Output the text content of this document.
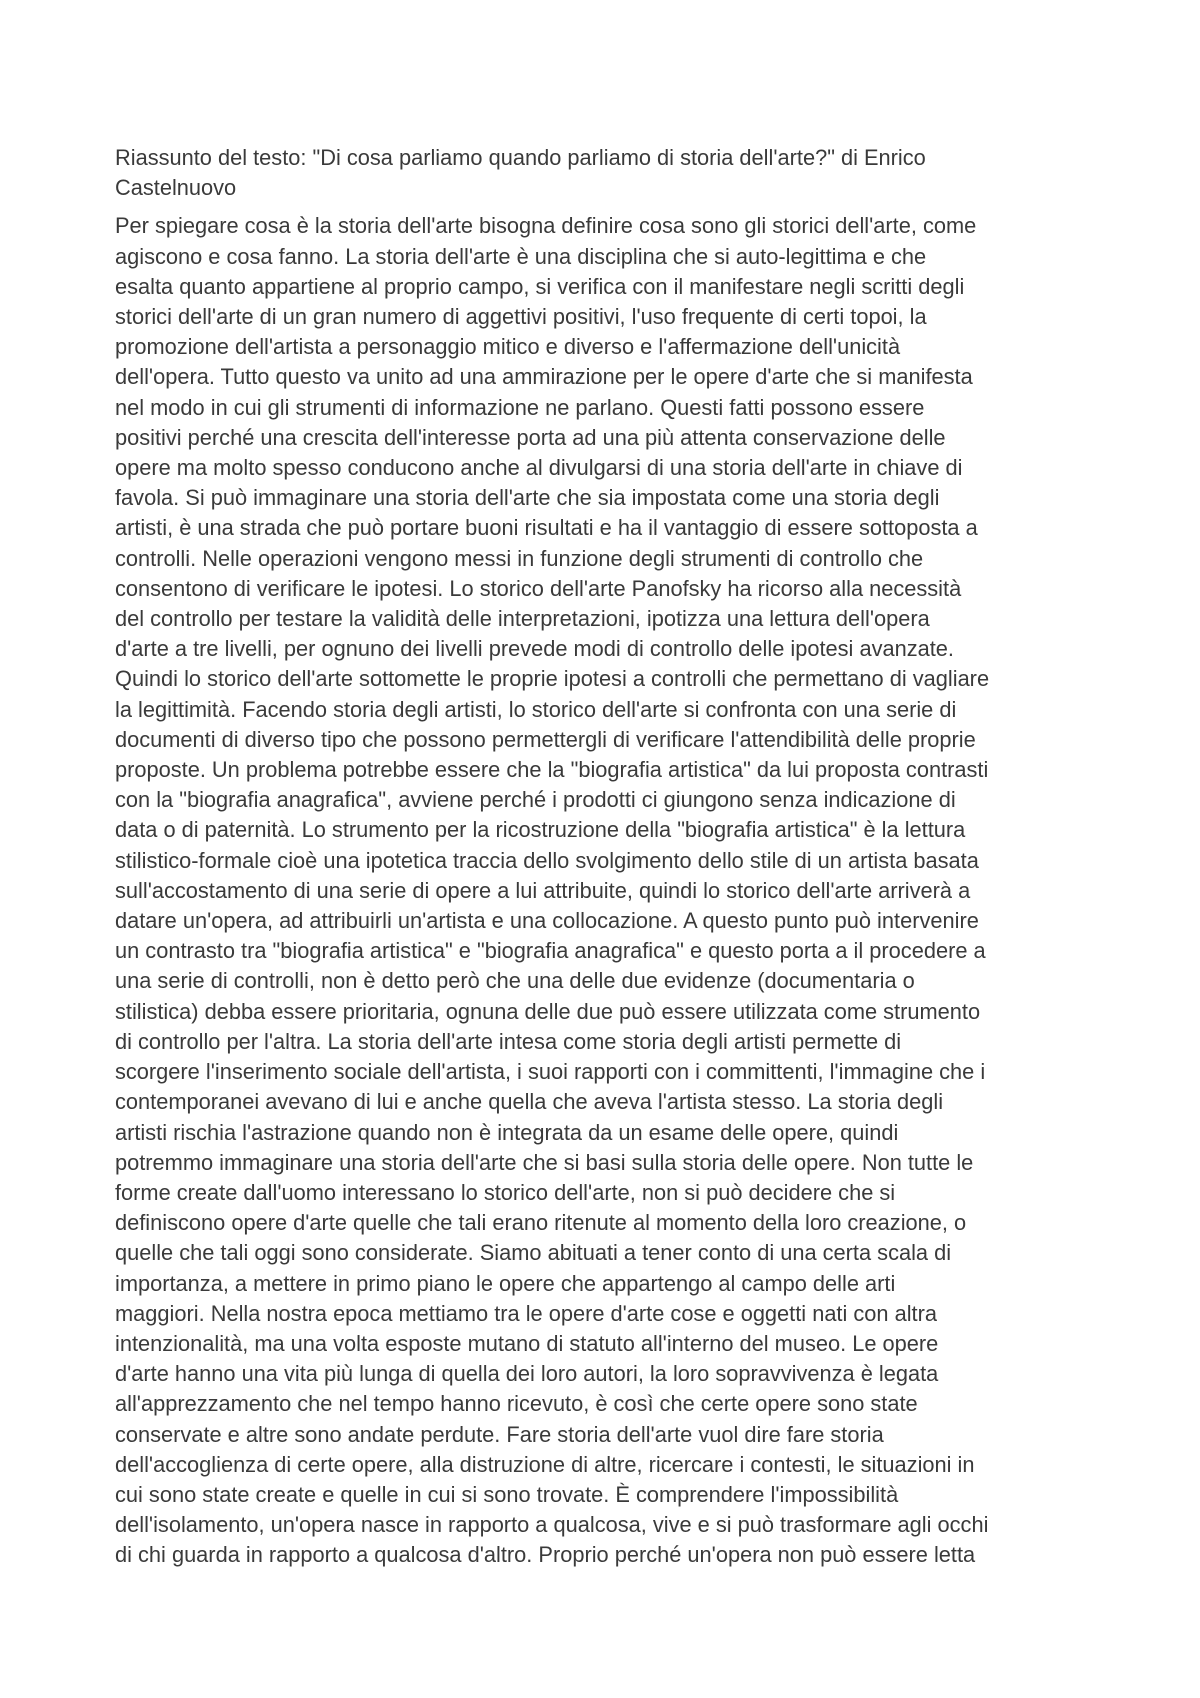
Riassunto del testo: "Di cosa parliamo quando parliamo di storia dell'arte?" di Enrico
Castelnuovo
Per spiegare cosa è la storia dell'arte bisogna definire cosa sono gli storici dell'arte, come
agiscono e cosa fanno. La storia dell'arte è una disciplina che si auto-legittima e che
esalta quanto appartiene al proprio campo, si verifica con il manifestare negli scritti degli
storici dell'arte di un gran numero di aggettivi positivi, l'uso frequente di certi topoi, la
promozione dell'artista a personaggio mitico e diverso e l'affermazione dell'unicità
dell'opera. Tutto questo va unito ad una ammirazione per le opere d'arte che si manifesta
nel modo in cui gli strumenti di informazione ne parlano. Questi fatti possono essere
positivi perché una crescita dell'interesse porta ad una più attenta conservazione delle
opere ma molto spesso conducono anche al divulgarsi di una storia dell'arte in chiave di
favola. Si può immaginare una storia dell'arte che sia impostata come una storia degli
artisti, è una strada che può portare buoni risultati e ha il vantaggio di essere sottoposta a
controlli. Nelle operazioni vengono messi in funzione degli strumenti di controllo che
consentono di verificare le ipotesi. Lo storico dell'arte Panofsky ha ricorso alla necessità
del controllo per testare la validità delle interpretazioni, ipotizza una lettura dell'opera
d'arte a tre livelli, per ognuno dei livelli prevede modi di controllo delle ipotesi avanzate.
Quindi lo storico dell'arte sottomette le proprie ipotesi a controlli che permettano di vagliare
la legittimità. Facendo storia degli artisti, lo storico dell'arte si confronta con una serie di
documenti di diverso tipo che possono permettergli di verificare l'attendibilità delle proprie
proposte. Un problema potrebbe essere che la "biografia artistica" da lui proposta contrasti
con la "biografia anagrafica", avviene perché i prodotti ci giungono senza indicazione di
data o di paternità. Lo strumento per la ricostruzione della "biografia artistica" è la lettura
stilistico-formale cioè una ipotetica traccia dello svolgimento dello stile di un artista basata
sull'accostamento di una serie di opere a lui attribuite, quindi lo storico dell'arte arriverà a
datare un'opera, ad attribuirli un'artista e una collocazione. A questo punto può intervenire
un contrasto tra "biografia artistica" e "biografia anagrafica" e questo porta a il procedere a
una serie di controlli, non è detto però che una delle due evidenze (documentaria o
stilistica) debba essere prioritaria, ognuna delle due può essere utilizzata come strumento
di controllo per l'altra. La storia dell'arte intesa come storia degli artisti permette di
scorgere l'inserimento sociale dell'artista, i suoi rapporti con i committenti, l'immagine che i
contemporanei avevano di lui e anche quella che aveva l'artista stesso. La storia degli
artisti rischia l'astrazione quando non è integrata da un esame delle opere, quindi
potremmo immaginare una storia dell'arte che si basi sulla storia delle opere. Non tutte le
forme create dall'uomo interessano lo storico dell'arte, non si può decidere che si
definiscono opere d'arte quelle che tali erano ritenute al momento della loro creazione, o
quelle che tali oggi sono considerate. Siamo abituati a tener conto di una certa scala di
importanza, a mettere in primo piano le opere che appartengo al campo delle arti
maggiori. Nella nostra epoca mettiamo tra le opere d'arte cose e oggetti nati con altra
intenzionalità, ma una volta esposte mutano di statuto all'interno del museo. Le opere
d'arte hanno una vita più lunga di quella dei loro autori, la loro sopravvivenza è legata
all'apprezzamento che nel tempo hanno ricevuto, è così che certe opere sono state
conservate e altre sono andate perdute. Fare storia dell'arte vuol dire fare storia
dell'accoglienza di certe opere, alla distruzione di altre, ricercare i contesti, le situazioni in
cui sono state create e quelle in cui si sono trovate. È comprendere l'impossibilità
dell'isolamento, un'opera nasce in rapporto a qualcosa, vive e si può trasformare agli occhi
di chi guarda in rapporto a qualcosa d'altro. Proprio perché un'opera non può essere letta
